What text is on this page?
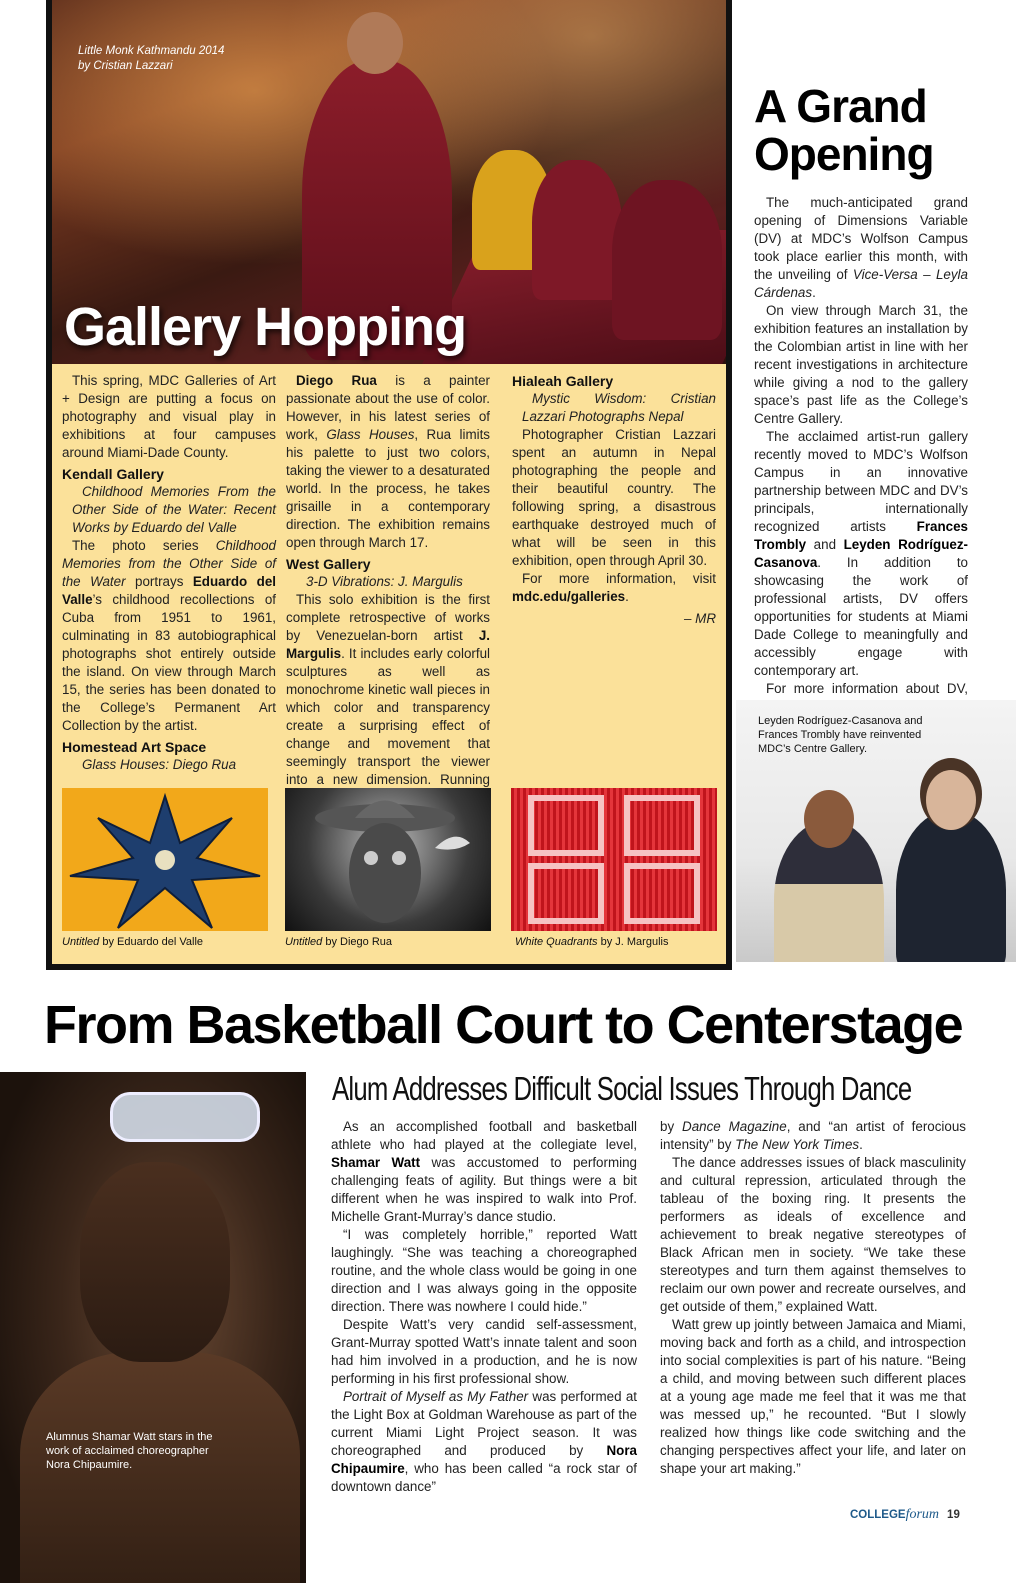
Little Monk Kathmandu 2014
by Cristian Lazzari
Gallery Hopping

This spring, MDC Galleries of Art + Design are putting a focus on photography and visual play in exhibitions at four campuses around Miami-Dade County.

Kendall Gallery

Childhood Memories From the Other Side of the Water: Recent Works by Eduardo del Valle

The photo series Childhood Memories from the Other Side of the Water portrays Eduardo del Valle’s childhood recollections of Cuba from 1951 to 1961, culminating in 83 autobiographical photographs shot entirely outside the island. On view through March 15, the series has been donated to the College’s Permanent Art Collection by the artist.

Homestead Art Space

Glass Houses: Diego Rua

Diego Rua is a painter passionate about the use of color. However, in his latest series of work, Glass Houses, Rua limits his palette to just two colors, taking the viewer to a desaturated world. In the process, he takes grisaille in a contemporary direction. The exhibition remains open through March 17.

West Gallery

3-D Vibrations: J. Margulis

This solo exhibition is the first complete retrospective of works by Venezuelan-born artist J. Margulis. It includes early colorful sculptures as well as monochrome kinetic wall pieces in which color and transparency create a surprising effect of change and movement that seemingly transport the viewer into a new dimension. Running

Hialeah Gallery

Mystic Wisdom: Cristian Lazzari Photographs Nepal

Photographer Cristian Lazzari spent an autumn in Nepal photographing the people and their beautiful country. The following spring, a disastrous earthquake destroyed much of what will be seen in this exhibition, open through April 30.

For more information, visit mdc.edu/galleries.

– MR
Untitled by Eduardo del Valle	Untitled by Diego Rua	White Quadrants by J. Margulis
A Grand
Opening

The much-anticipated grand opening of Dimensions Variable (DV) at MDC’s Wolfson Campus took place earlier this month, with the unveiling of Vice-Versa – Leyla Cárdenas.

On view through March 31, the exhibition features an installation by the Colombian artist in line with her recent investigations in architecture while giving a nod to the gallery space’s past life as the College’s Centre Gallery.

The acclaimed artist-run gallery recently moved to MDC’s Wolfson Campus in an innovative partnership between MDC and DV’s principals, internationally recognized artists Frances Trombly and Leyden Rodríguez-Casanova. In addition to showcasing the work of professional artists, DV offers opportunities for students at Miami Dade College to meaningfully and accessibly engage with contemporary art.

For more information about DV,

Leyden Rodríguez-Casanova and Frances Trombly have reinvented MDC’s Centre Gallery.
From Basketball Court to Centerstage
Alumnus Shamar Watt stars in the work of acclaimed choreographer Nora Chipaumire.
Alum Addresses Difficult Social Issues Through Dance

As an accomplished football and basketball athlete who had played at the collegiate level, Shamar Watt was accustomed to performing challenging feats of agility. But things were a bit different when he was inspired to walk into Prof. Michelle Grant-Murray’s dance studio.

“I was completely horrible,” reported Watt laughingly. “She was teaching a choreographed routine, and the whole class would be going in one direction and I was always going in the opposite direction. There was nowhere I could hide.”

Despite Watt’s very candid self-assessment, Grant-Murray spotted Watt’s innate talent and soon had him involved in a production, and he is now performing in his first professional show.

Portrait of Myself as My Father was performed at the Light Box at Goldman Warehouse as part of the current Miami Light Project season. It was choreographed and produced by Nora Chipaumire, who has been called “a rock star of downtown dance”

by Dance Magazine, and “an artist of ferocious intensity” by The New York Times.

The dance addresses issues of black masculinity and cultural repression, articulated through the tableau of the boxing ring. It presents the performers as ideals of excellence and achievement to break negative stereotypes of Black African men in society. “We take these stereotypes and turn them against themselves to reclaim our own power and recreate ourselves, and get outside of them,” explained Watt.

Watt grew up jointly between Jamaica and Miami, moving back and forth as a child, and introspection into social complexities is part of his nature. “Being a child, and moving between such different places at a young age made me feel that it was me that was messed up,” he recounted. “But I slowly realized how things like code switching and the changing perspectives affect your life, and later on shape your art making.”

COLLEGEforum 19
